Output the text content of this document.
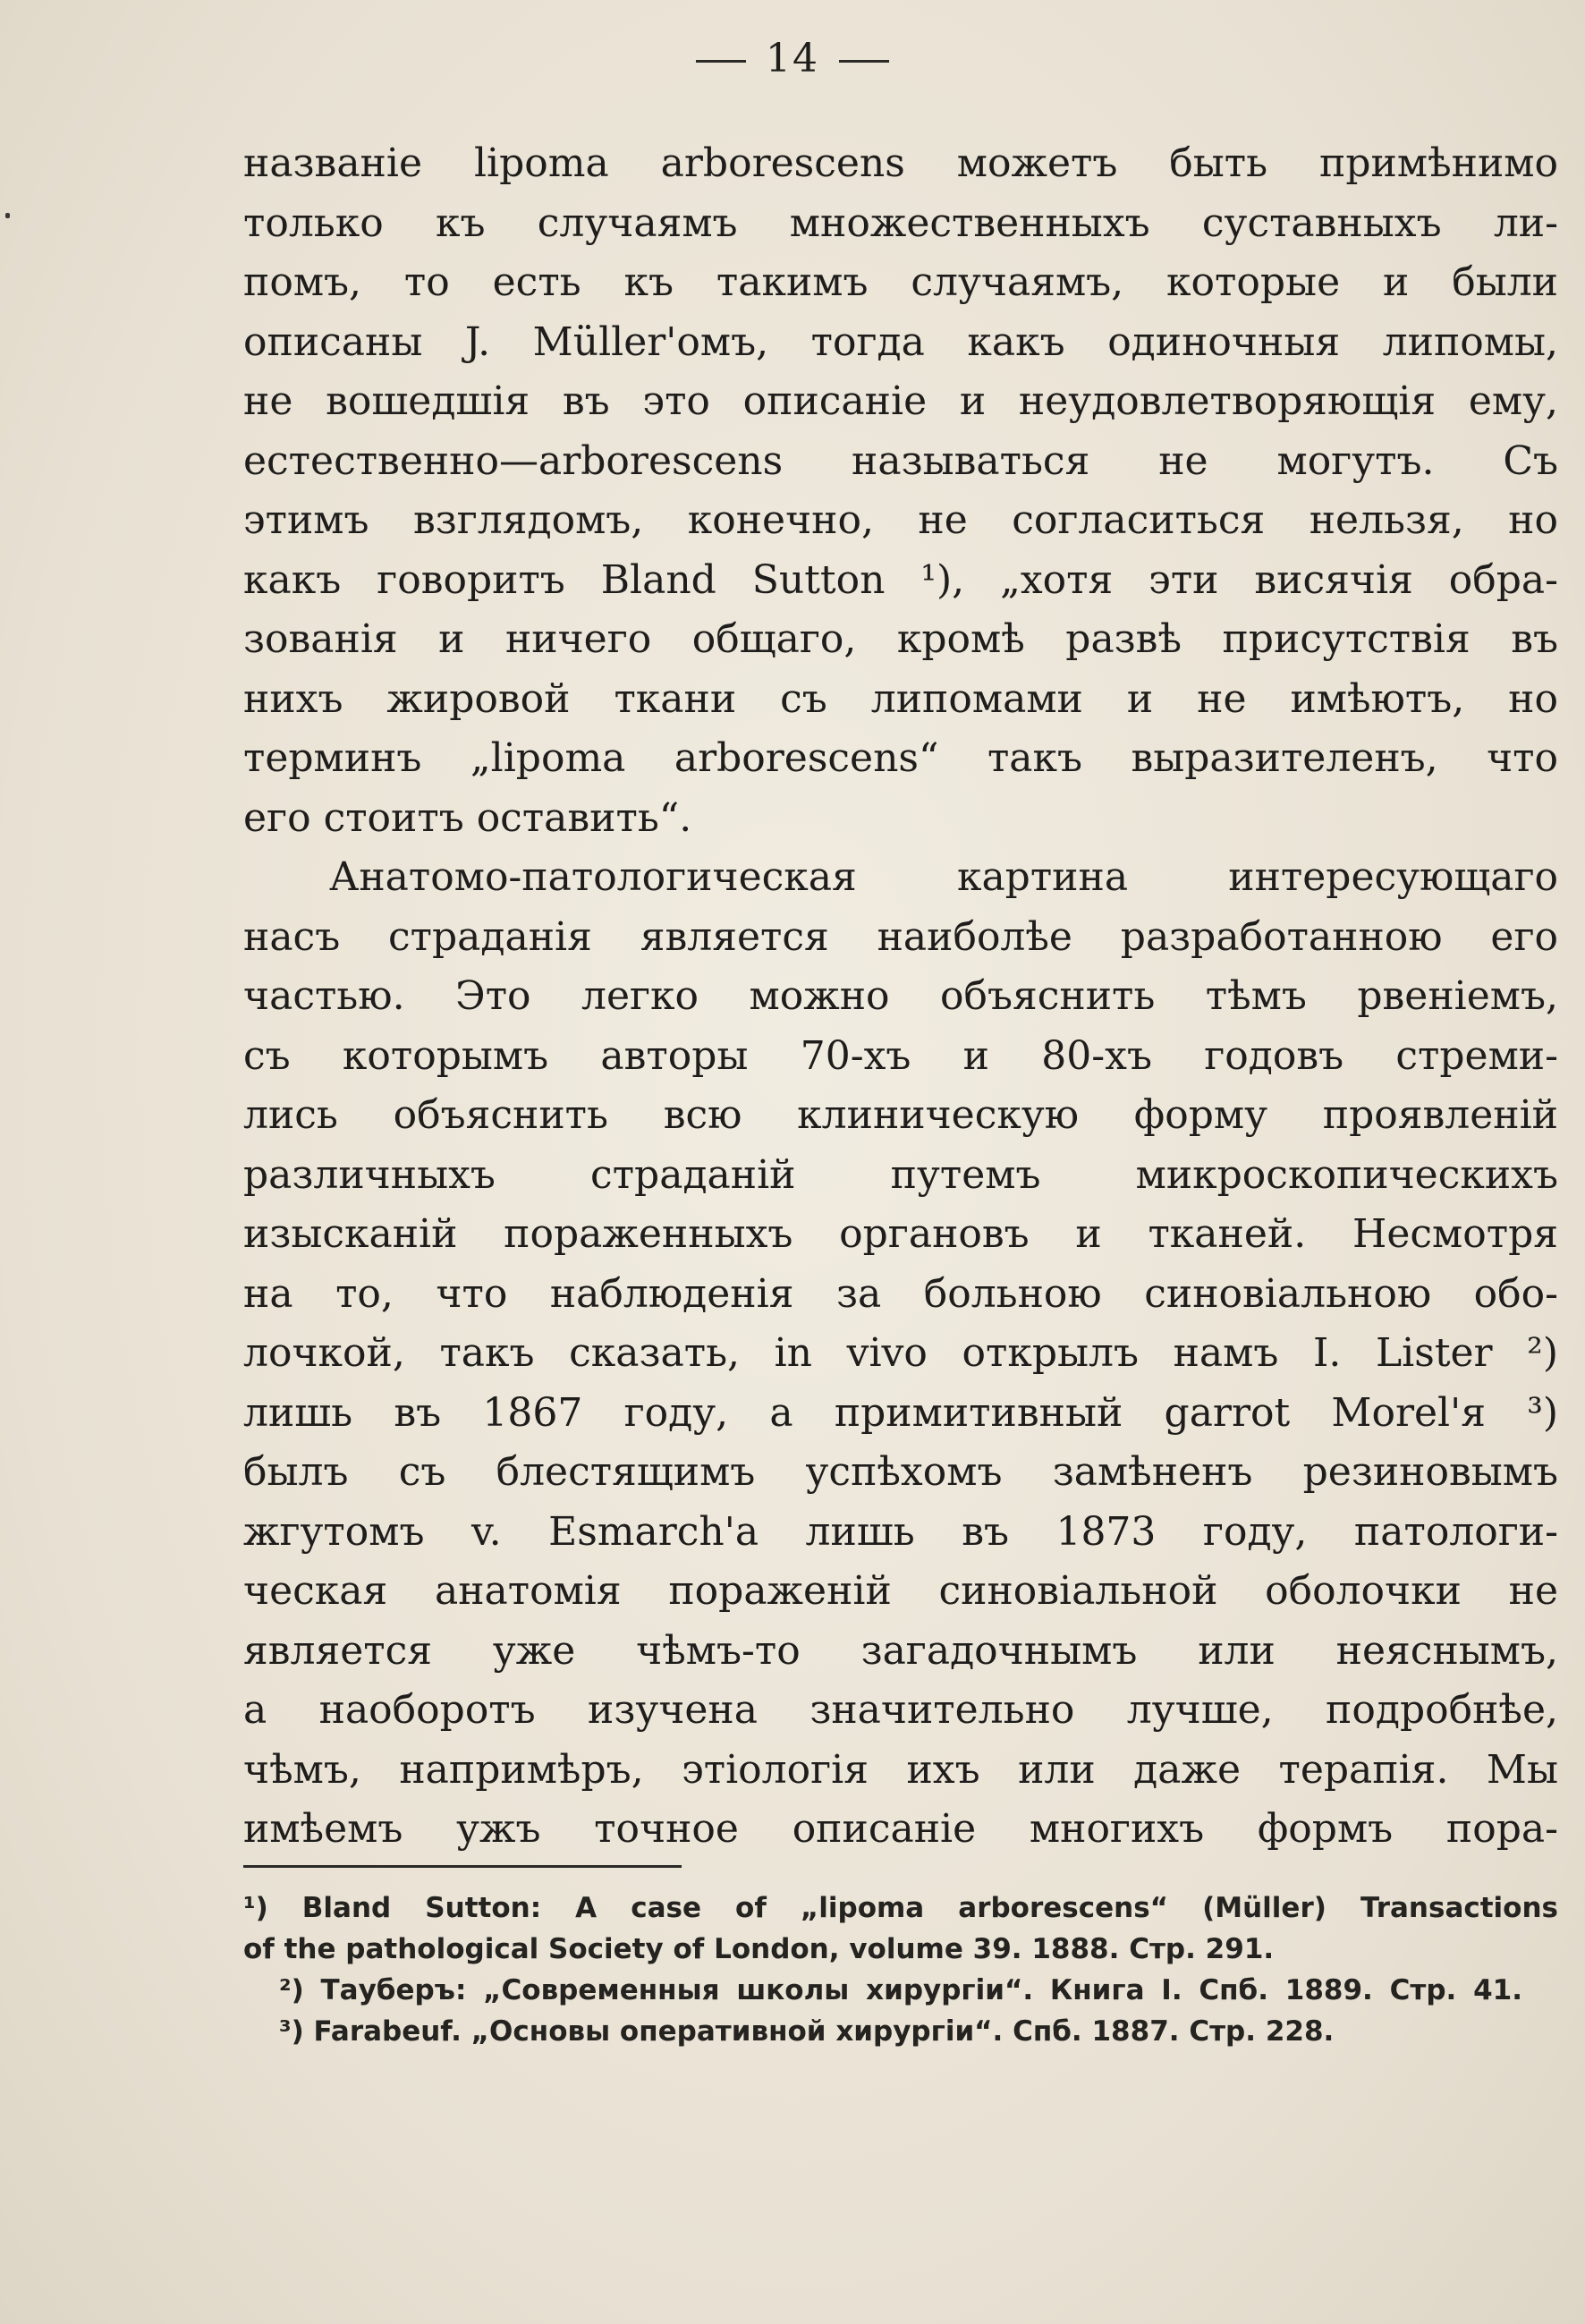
14
названіе lipoma arborescens можетъ быть примѣнимо
только къ случаямъ множественныхъ суставныхъ ли-
помъ, то есть къ такимъ случаямъ, которые и были
описаны J. Müller'омъ, тогда какъ одиночныя липомы,
не вошедшія въ это описаніе и неудовлетворяющія ему,
естественно—arborescens называться не могутъ. Съ
этимъ взглядомъ, конечно, не согласиться нельзя, но
какъ говоритъ Bland Sutton ¹), „хотя эти висячія обра-
зованія и ничего общаго, кромѣ развѣ присутствія въ
нихъ жировой ткани съ липомами и не имѣютъ, но
терминъ „lipoma arborescens“ такъ выразителенъ, что
его стоитъ оставить“.
Анатомо-патологическая картина интересующаго
насъ страданія является наиболѣе разработанною его
частью. Это легко можно объяснить тѣмъ рвеніемъ,
съ которымъ авторы 70-хъ и 80-хъ годовъ стреми-
лись объяснить всю клиническую форму проявленій
различныхъ страданій путемъ микроскопическихъ
изысканій пораженныхъ органовъ и тканей. Несмотря
на то, что наблюденія за больною синовіальною обо-
лочкой, такъ сказать, in vivo открылъ намъ I. Lister ²)
лишь въ 1867 году, а примитивный garrot Morel'я ³)
былъ съ блестящимъ успѣхомъ замѣненъ резиновымъ
жгутомъ v. Esmarch'a лишь въ 1873 году, патологи-
ческая анатомія пораженій синовіальной оболочки не
является уже чѣмъ-то загадочнымъ или неяснымъ,
а наоборотъ изучена значительно лучше, подробнѣе,
чѣмъ, напримѣръ, этіологія ихъ или даже терапія. Мы
имѣемъ ужъ точное описаніе многихъ формъ пора-
¹) Bland Sutton: A case of „lipoma arborescens“ (Müller) Transactions
of the pathological Society of London, volume 39. 1888. Стр. 291.
²) Тауберъ: „Современныя школы хирургіи“. Книга I. Спб. 1889. Стр. 41.
³) Farabeuf. „Основы оперативной хирургіи“. Спб. 1887. Стр. 228.
